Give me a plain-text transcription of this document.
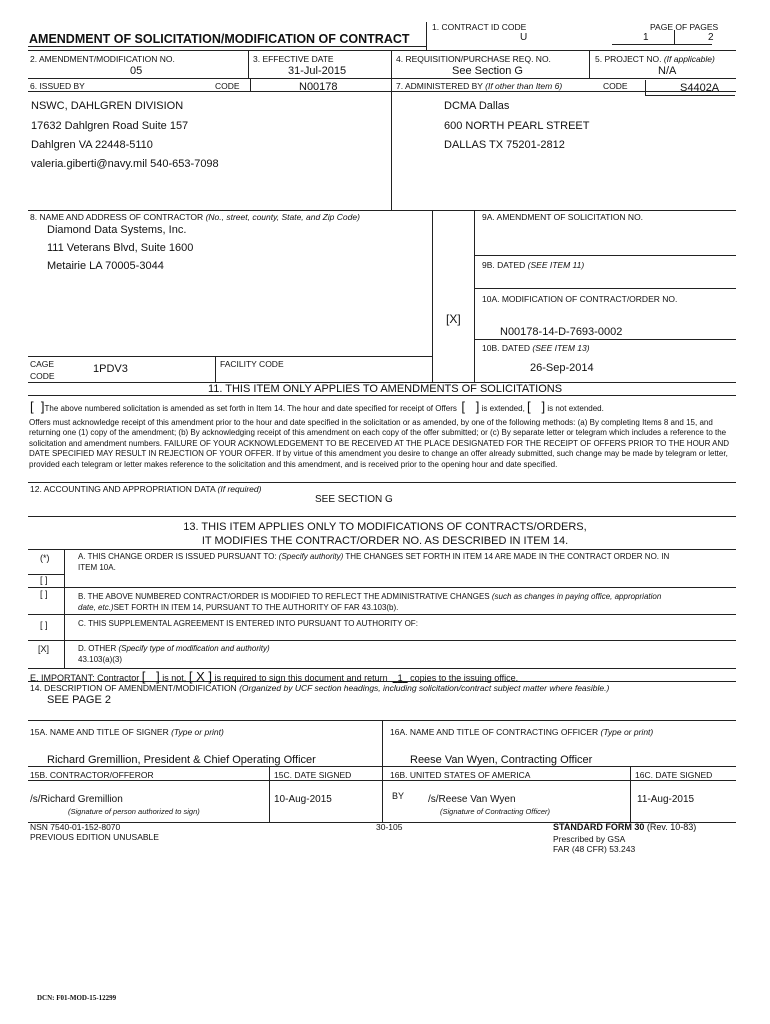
AMENDMENT OF SOLICITATION/MODIFICATION OF CONTRACT
1. CONTRACT ID CODE
U
PAGE OF PAGES
1	2
2. AMENDMENT/MODIFICATION NO.
05
3. EFFECTIVE DATE
31-Jul-2015
4. REQUISITION/PURCHASE REQ. NO.
See Section G
5. PROJECT NO. (If applicable)
N/A
6. ISSUED BY	CODE	N00178	7. ADMINISTERED BY (If other than Item 6)	CODE	S4402A
NSWC, DAHLGREN DIVISION
17632 Dahlgren Road Suite 157
Dahlgren VA 22448-5110
valeria.giberti@navy.mil 540-653-7098
DCMA Dallas
600 NORTH PEARL STREET
DALLAS TX 75201-2812
8. NAME AND ADDRESS OF CONTRACTOR (No., street, county, State, and Zip Code)
Diamond Data Systems, Inc.
111 Veterans Blvd, Suite 1600
Metairie LA 70005-3044
CAGE
CODE
1PDV3	FACILITY CODE
9A. AMENDMENT OF SOLICITATION NO.
9B. DATED (SEE ITEM 11)
10A. MODIFICATION OF CONTRACT/ORDER NO.
[X]
N00178-14-D-7693-0002
10B. DATED (SEE ITEM 13)
26-Sep-2014
11. THIS ITEM ONLY APPLIES TO AMENDMENTS OF SOLICITATIONS
[ ]The above numbered solicitation is amended as set forth in Item 14. The hour and date specified for receipt of Offers [ ] is extended, [ ] is not extended.
Offers must acknowledge receipt of this amendment prior to the hour and date specified in the solicitation or as amended, by one of the following methods: (a) By completing Items 8 and 15, and returning one (1) copy of the amendment; (b) By acknowledging receipt of this amendment on each copy of the offer submitted; or (c) By separate letter or telegram which includes a reference to the solicitation and amendment numbers. FAILURE OF YOUR ACKNOWLEDGEMENT TO BE RECEIVED AT THE PLACE DESIGNATED FOR THE RECEIPT OF OFFERS PRIOR TO THE HOUR AND DATE SPECIFIED MAY RESULT IN REJECTION OF YOUR OFFER. If by virtue of this amendment you desire to change an offer already submitted, such change may be made by telegram or letter, provided each telegram or letter makes reference to the solicitation and this amendment, and is received prior to the opening hour and date specified.
12. ACCOUNTING AND APPROPRIATION DATA (If required)
SEE SECTION G
13. THIS ITEM APPLIES ONLY TO MODIFICATIONS OF CONTRACTS/ORDERS,
IT MODIFIES THE CONTRACT/ORDER NO. AS DESCRIBED IN ITEM 14.
(*)	A. THIS CHANGE ORDER IS ISSUED PURSUANT TO: (Specify authority) THE CHANGES SET FORTH IN ITEM 14 ARE MADE IN THE CONTRACT ORDER NO. IN
ITEM 10A.
[ ]
[ ]	B. THE ABOVE NUMBERED CONTRACT/ORDER IS MODIFIED TO REFLECT THE ADMINISTRATIVE CHANGES (such as changes in paying office, appropriation
date, etc.)SET FORTH IN ITEM 14, PURSUANT TO THE AUTHORITY OF FAR 43.103(b).
[ ]	C. THIS SUPPLEMENTAL AGREEMENT IS ENTERED INTO PURSUANT TO AUTHORITY OF:
[X]	D. OTHER (Specify type of modification and authority)
43.103(a)(3)
E. IMPORTANT: Contractor [   ] is not, [ X ] is required to sign this document and return 1 copies to the issuing office.
14. DESCRIPTION OF AMENDMENT/MODIFICATION (Organized by UCF section headings, including solicitation/contract subject matter where feasible.)
SEE PAGE 2
15A. NAME AND TITLE OF SIGNER (Type or print)
Richard Gremillion, President & Chief Operating Officer
16A. NAME AND TITLE OF CONTRACTING OFFICER (Type or print)
Reese Van Wyen, Contracting Officer
15B. CONTRACTOR/OFFEROR	15C. DATE SIGNED	16B. UNITED STATES OF AMERICA	16C. DATE SIGNED
/s/Richard Gremillion
(Signature of person authorized to sign)
10-Aug-2015	BY /s/Reese Van Wyen
(Signature of Contracting Officer)
11-Aug-2015
NSN 7540-01-152-8070
PREVIOUS EDITION UNUSABLE
30-105	STANDARD FORM 30 (Rev. 10-83)
Prescribed by GSA
FAR (48 CFR) 53.243
DCN: F01-MOD-15-12299
